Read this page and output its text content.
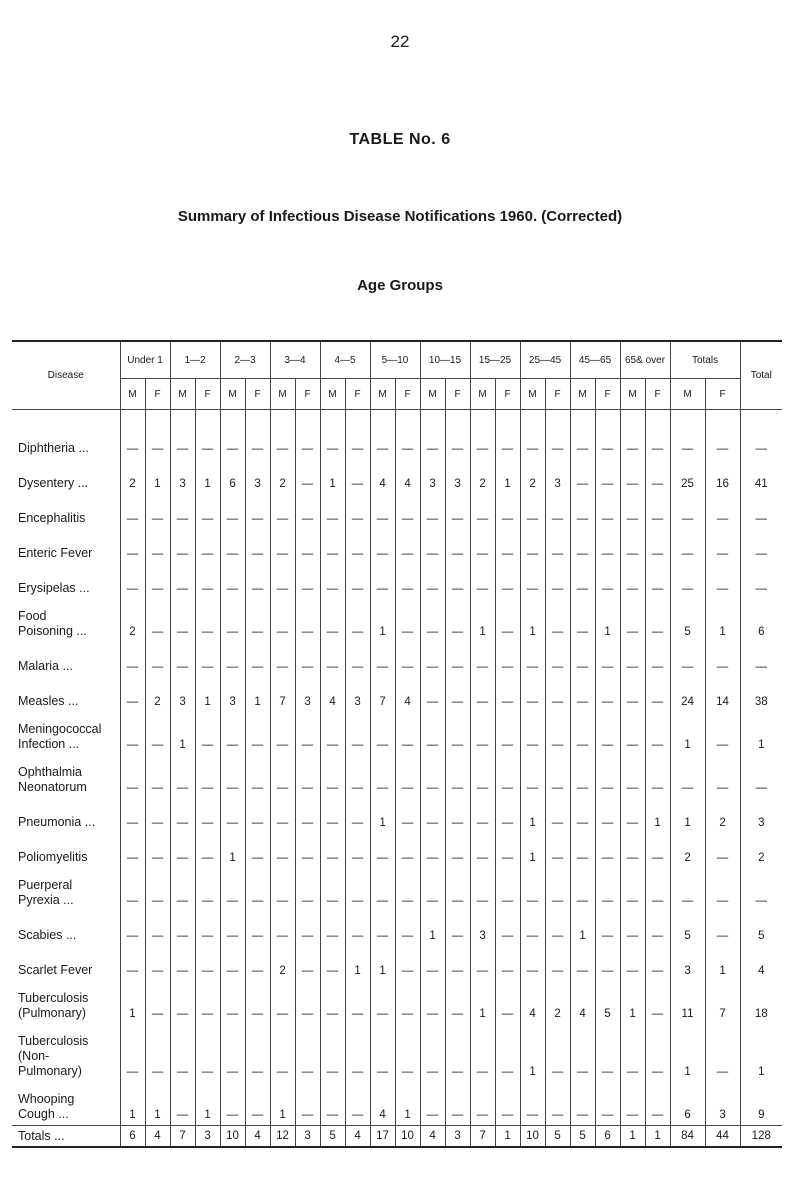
22
TABLE No. 6
Summary of Infectious Disease Notifications 1960. (Corrected)
Age Groups
Disease	Under 1		1—2		2—3		3—4		4—5		5—10		10—15		15—25		25—45		45—65		65& over		Totals		Total
	M	F	M	F	M	F	M	F	M	F	M	F	M	F	M	F	M	F	M	F	M	F	M	F	

Diphtheria ...	—	—	—	—	—	—	—	—	—	—	—	—	—	—	—	—	—	—	—	—	—	—	—	—	—
Dysentery ...	2	1	3	1	6	3	2	—	1	—	4	4	3	3	2	1	2	3	—	—	—	—	25	16	41
Encephalitis	—	—	—	—	—	—	—	—	—	—	—	—	—	—	—	—	—	—	—	—	—	—	—	—	—
Enteric Fever	—	—	—	—	—	—	—	—	—	—	—	—	—	—	—	—	—	—	—	—	—	—	—	—	—
Erysipelas ...	—	—	—	—	—	—	—	—	—	—	—	—	—	—	—	—	—	—	—	—	—	—	—	—	—
Food
Poisoning ...	2	—	—	—	—	—	—	—	—	—	1	—	—	—	1	—	1	—	—	1	—	—	5	1	6
Malaria ...	—	—	—	—	—	—	—	—	—	—	—	—	—	—	—	—	—	—	—	—	—	—	—	—	—
Measles ...	—	2	3	1	3	1	7	3	4	3	7	4	—	—	—	—	—	—	—	—	—	—	24	14	38
Meningococcal
Infection ...	—	—	1	—	—	—	—	—	—	—	—	—	—	—	—	—	—	—	—	—	—	—	1	—	1
Ophthalmia
Neonatorum	—	—	—	—	—	—	—	—	—	—	—	—	—	—	—	—	—	—	—	—	—	—	—	—	—
Pneumonia ...	—	—	—	—	—	—	—	—	—	—	1	—	—	—	—	—	1	—	—	—	—	1	1	2	3
Poliomyelitis	—	—	—	—	1	—	—	—	—	—	—	—	—	—	—	—	1	—	—	—	—	—	2	—	2
Puerperal
Pyrexia ...	—	—	—	—	—	—	—	—	—	—	—	—	—	—	—	—	—	—	—	—	—	—	—	—	—
Scabies ...	—	—	—	—	—	—	—	—	—	—	—	—	1	—	3	—	—	—	1	—	—	—	5	—	5
Scarlet Fever	—	—	—	—	—	—	2	—	—	1	1	—	—	—	—	—	—	—	—	—	—	—	3	1	4
Tuberculosis
(Pulmonary)	1	—	—	—	—	—	—	—	—	—	—	—	—	—	1	—	4	2	4	5	1	—	11	7	18
Tuberculosis
(Non-
Pulmonary)	—	—	—	—	—	—	—	—	—	—	—	—	—	—	—	—	1	—	—	—	—	—	1	—	1
Whooping
Cough ...	1	1	—	1	—	—	1	—	—	—	4	1	—	—	—	—	—	—	—	—	—	—	6	3	9
Totals ...	6	4	7	3	10	4	12	3	5	4	17	10	4	3	7	1	10	5	5	6	1	1	84	44	128
